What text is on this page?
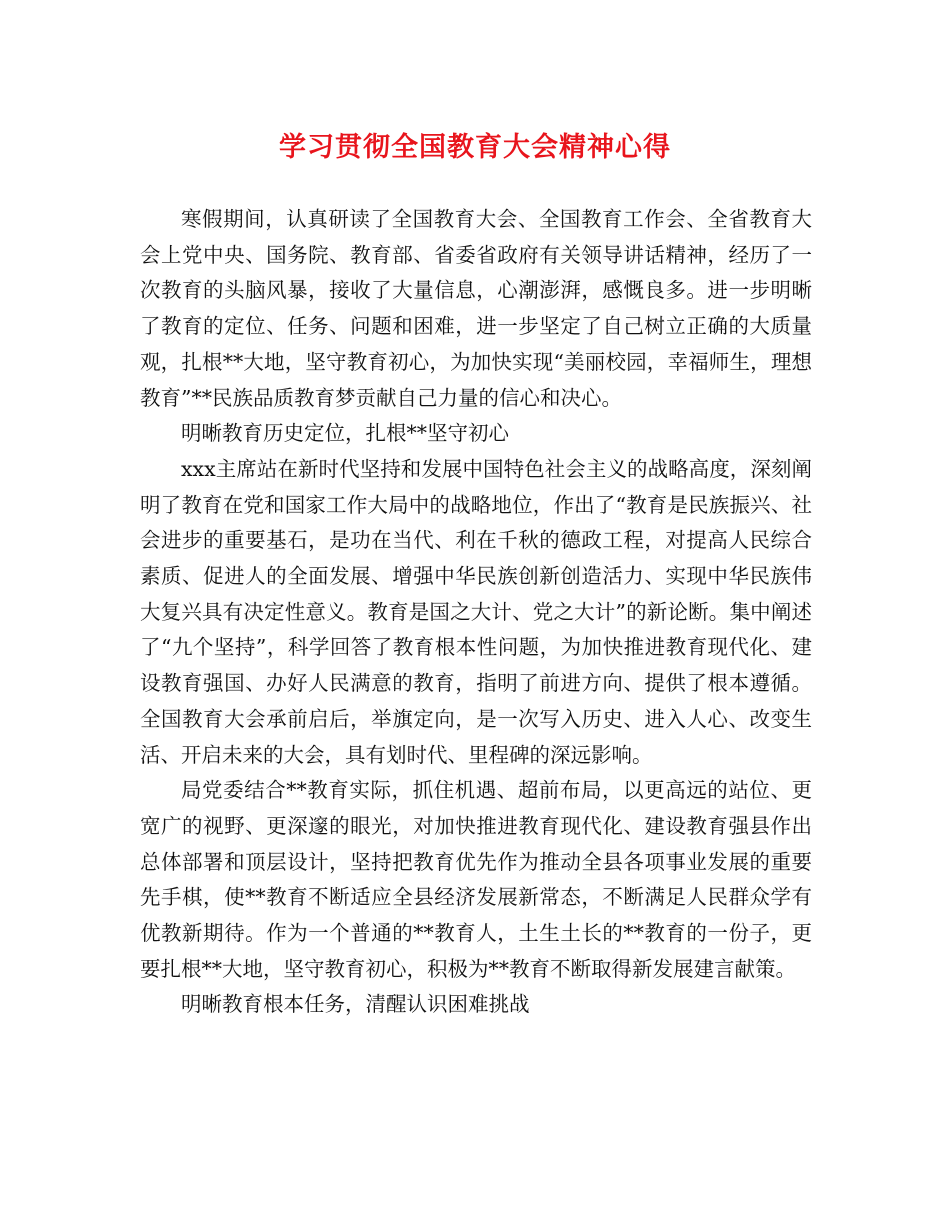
学习贯彻全国教育大会精神心得

寒假期间，认真研读了全国教育大会、全国教育工作会、全省教育大会上党中央、国务院、教育部、省委省政府有关领导讲话精神，经历了一次教育的头脑风暴，接收了大量信息，心潮澎湃，感慨良多。进一步明晰了教育的定位、任务、问题和困难，进一步坚定了自己树立正确的大质量观，扎根**大地，坚守教育初心，为加快实现“美丽校园，幸福师生，理想教育”**民族品质教育梦贡献自己力量的信心和决心。

明晰教育历史定位，扎根**坚守初心

xxx主席站在新时代坚持和发展中国特色社会主义的战略高度，深刻阐明了教育在党和国家工作大局中的战略地位，作出了“教育是民族振兴、社会进步的重要基石，是功在当代、利在千秋的德政工程，对提高人民综合素质、促进人的全面发展、增强中华民族创新创造活力、实现中华民族伟大复兴具有决定性意义。教育是国之大计、党之大计”的新论断。集中阐述了“九个坚持”，科学回答了教育根本性问题，为加快推进教育现代化、建设教育强国、办好人民满意的教育，指明了前进方向、提供了根本遵循。全国教育大会承前启后，举旗定向，是一次写入历史、进入人心、改变生活、开启未来的大会，具有划时代、里程碑的深远影响。

局党委结合**教育实际，抓住机遇、超前布局，以更高远的站位、更宽广的视野、更深邃的眼光，对加快推进教育现代化、建设教育强县作出总体部署和顶层设计，坚持把教育优先作为推动全县各项事业发展的重要先手棋，使**教育不断适应全县经济发展新常态，不断满足人民群众学有优教新期待。作为一个普通的**教育人，土生土长的**教育的一份子，更要扎根**大地，坚守教育初心，积极为**教育不断取得新发展建言献策。

明晰教育根本任务，清醒认识困难挑战
